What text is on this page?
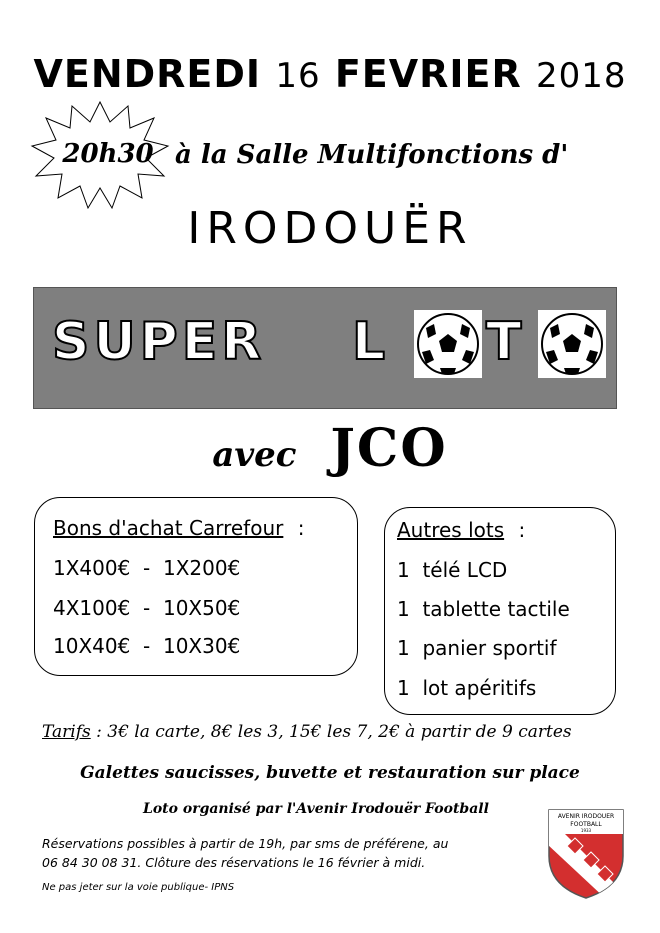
VENDREDI 16 FEVRIER 2018
20h30 à la Salle Multifonctions d'
IRODOUËR
SUPER L T
avec JCO
Bons d'achat Carrefour :
1X400€  -  1X200€
4X100€  -  10X50€
10X40€  -  10X30€
Autres lots :
1  télé LCD
1  tablette tactile
1  panier sportif
1  lot apéritifs
Tarifs : 3€ la carte, 8€ les 3, 15€ les 7, 2€ à partir de 9 cartes
Galettes saucisses, buvette et restauration sur place
Loto organisé par l'Avenir Irodouër Football
Réservations possibles à partir de 19h, par sms de préférene, au
06 84 30 08 31. Clôture des réservations le 16 février à midi.
Ne pas jeter sur la voie publique- IPNS
AVENIR IRODOUER
FOOTBALL
1933
